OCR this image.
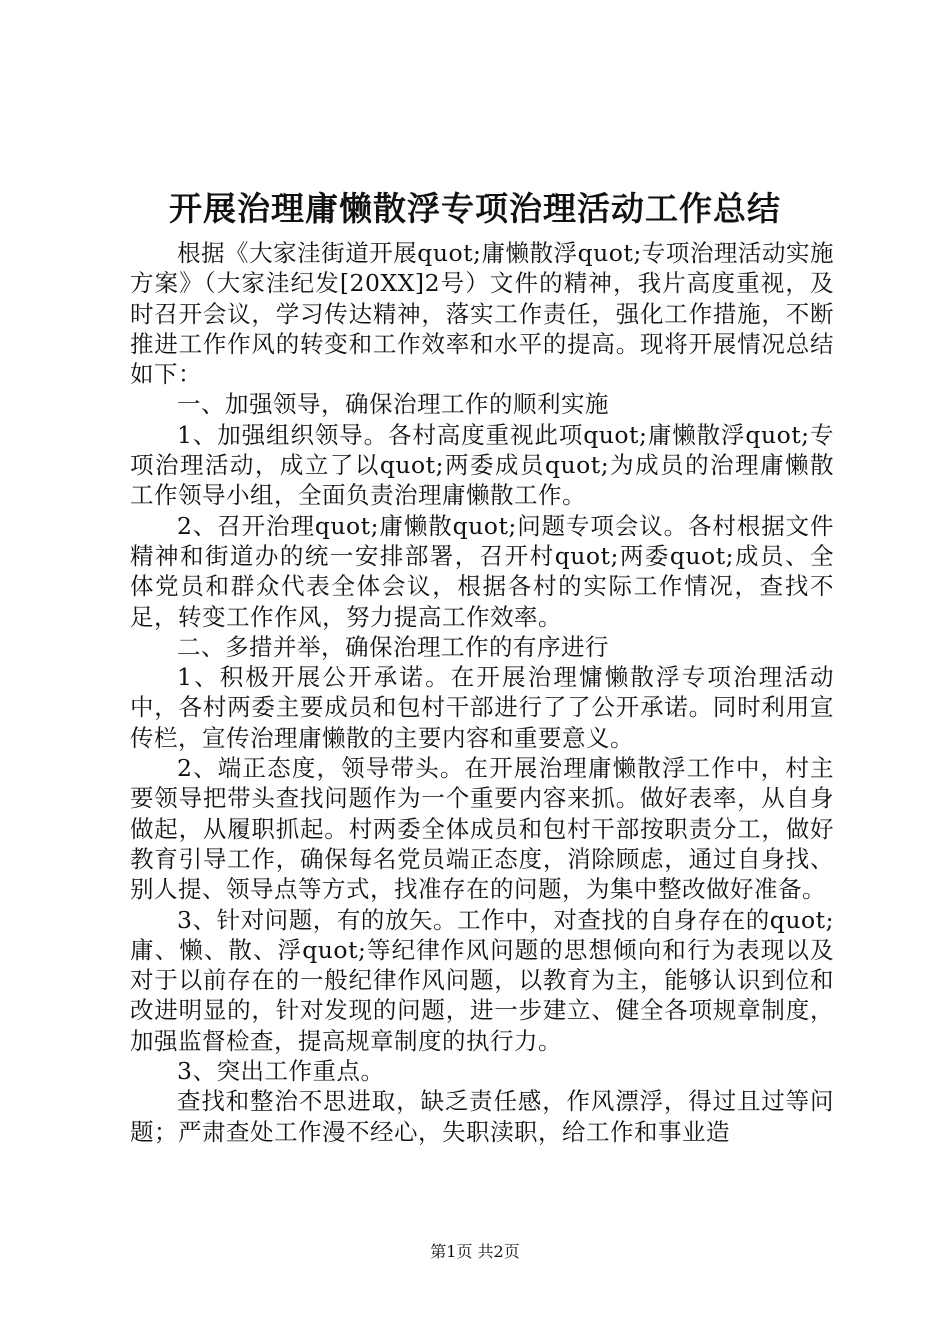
开展治理庸懒散浮专项治理活动工作总结

根据《大家洼街道开展quot;庸懒散浮quot;专项治理活动实施方案》（大家洼纪发[20XX]2号）文件的精神，我片高度重视，及时召开会议，学习传达精神，落实工作责任，强化工作措施，不断推进工作作风的转变和工作效率和水平的提高。现将开展情况总结如下：

一、加强领导，确保治理工作的顺利实施

1、加强组织领导。各村高度重视此项quot;庸懒散浮quot;专项治理活动，成立了以quot;两委成员quot;为成员的治理庸懒散工作领导小组，全面负责治理庸懒散工作。

2、召开治理quot;庸懒散quot;问题专项会议。各村根据文件精神和街道办的统一安排部署，召开村quot;两委quot;成员、全体党员和群众代表全体会议，根据各村的实际工作情况，查找不足，转变工作作风，努力提高工作效率。

二、多措并举，确保治理工作的有序进行

1、积极开展公开承诺。在开展治理慵懒散浮专项治理活动中，各村两委主要成员和包村干部进行了了公开承诺。同时利用宣传栏，宣传治理庸懒散的主要内容和重要意义。

2、端正态度，领导带头。在开展治理庸懒散浮工作中，村主要领导把带头查找问题作为一个重要内容来抓。做好表率，从自身做起，从履职抓起。村两委全体成员和包村干部按职责分工，做好教育引导工作，确保每名党员端正态度，消除顾虑，通过自身找、别人提、领导点等方式，找准存在的问题，为集中整改做好准备。

3、针对问题，有的放矢。工作中，对查找的自身存在的quot;庸、懒、散、浮quot;等纪律作风问题的思想倾向和行为表现以及对于以前存在的一般纪律作风问题，以教育为主，能够认识到位和改进明显的，针对发现的问题，进一步建立、健全各项规章制度，加强监督检查，提高规章制度的执行力。

3、突出工作重点。

查找和整治不思进取，缺乏责任感，作风漂浮，得过且过等问题；严肃查处工作漫不经心，失职渎职，给工作和事业造

第1页 共2页
